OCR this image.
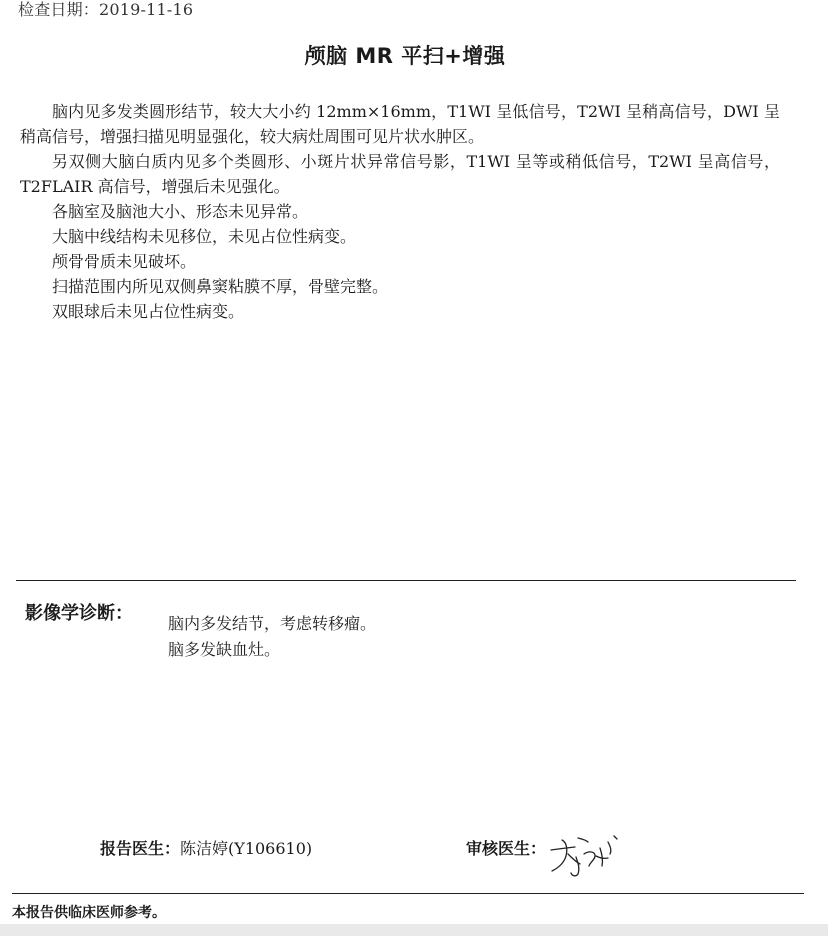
检查日期：2019-11-16
颅脑 MR 平扫+增强

脑内见多发类圆形结节，较大大小约 12mm×16mm，T1WI 呈低信号，T2WI 呈稍高信号，DWI 呈稍高信号，增强扫描见明显强化，较大病灶周围可见片状水肿区。

另双侧大脑白质内见多个类圆形、小斑片状异常信号影，T1WI 呈等或稍低信号，T2WI 呈高信号，T2FLAIR 高信号，增强后未见强化。

各脑室及脑池大小、形态未见异常。

大脑中线结构未见移位，未见占位性病变。

颅骨骨质未见破坏。

扫描范围内所见双侧鼻窦粘膜不厚，骨壁完整。

双眼球后未见占位性病变。

影像学诊断： 脑内多发结节，考虑转移瘤。
脑多发缺血灶。
报告医生：陈洁婷(Y106610)	审核医生：
本报告供临床医师参考。
